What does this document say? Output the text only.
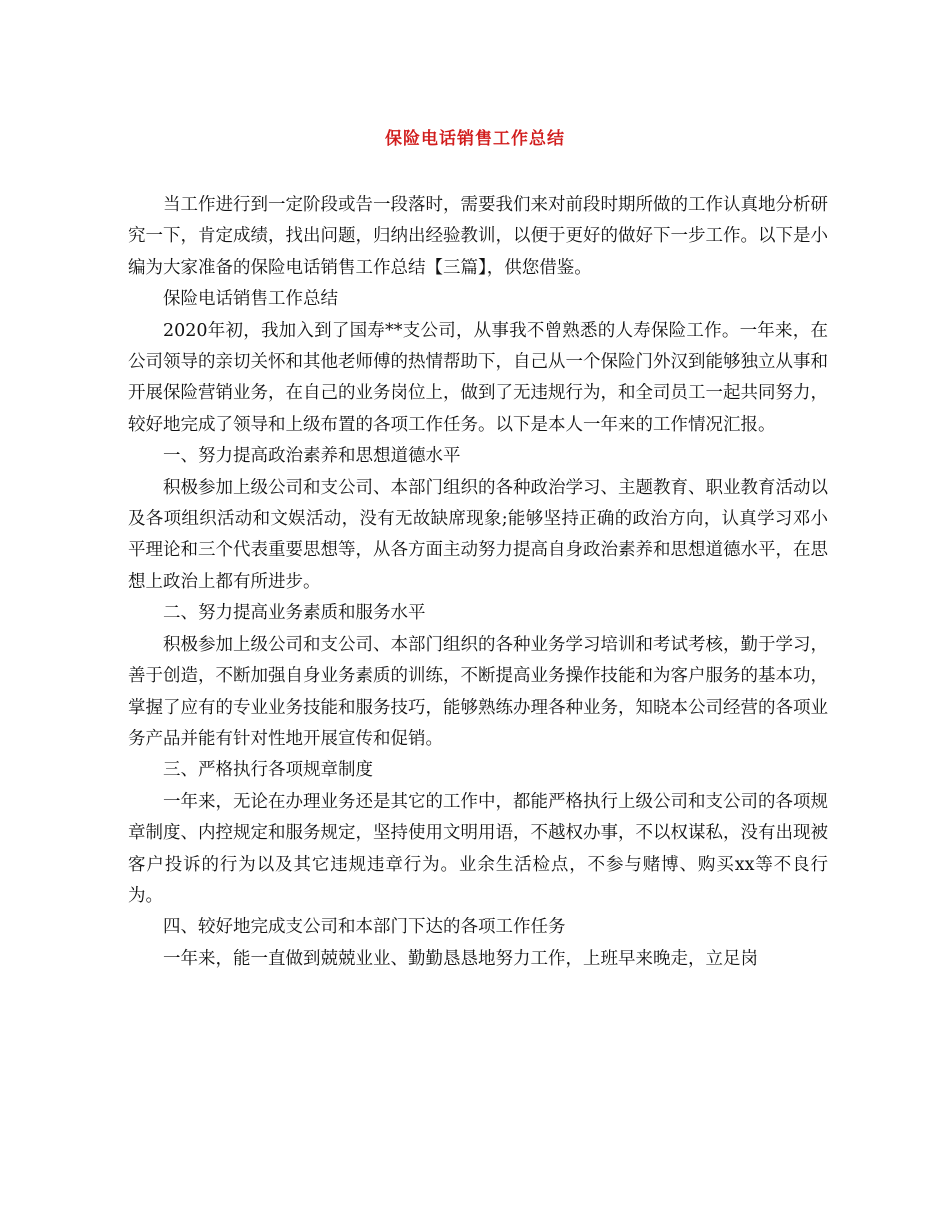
保险电话销售工作总结

当工作进行到一定阶段或告一段落时，需要我们来对前段时期所做的工作认真地分析研究一下，肯定成绩，找出问题，归纳出经验教训，以便于更好的做好下一步工作。以下是小编为大家准备的保险电话销售工作总结【三篇】，供您借鉴。

保险电话销售工作总结

2020年初，我加入到了国寿**支公司，从事我不曾熟悉的人寿保险工作。一年来，在公司领导的亲切关怀和其他老师傅的热情帮助下，自己从一个保险门外汉到能够独立从事和开展保险营销业务，在自己的业务岗位上，做到了无违规行为，和全司员工一起共同努力，较好地完成了领导和上级布置的各项工作任务。以下是本人一年来的工作情况汇报。

一、努力提高政治素养和思想道德水平

积极参加上级公司和支公司、本部门组织的各种政治学习、主题教育、职业教育活动以及各项组织活动和文娱活动，没有无故缺席现象;能够坚持正确的政治方向，认真学习邓小平理论和三个代表重要思想等，从各方面主动努力提高自身政治素养和思想道德水平，在思想上政治上都有所进步。

二、努力提高业务素质和服务水平

积极参加上级公司和支公司、本部门组织的各种业务学习培训和考试考核，勤于学习，善于创造，不断加强自身业务素质的训练，不断提高业务操作技能和为客户服务的基本功，掌握了应有的专业业务技能和服务技巧，能够熟练办理各种业务，知晓本公司经营的各项业务产品并能有针对性地开展宣传和促销。

三、严格执行各项规章制度

一年来，无论在办理业务还是其它的工作中，都能严格执行上级公司和支公司的各项规章制度、内控规定和服务规定，坚持使用文明用语，不越权办事，不以权谋私，没有出现被客户投诉的行为以及其它违规违章行为。业余生活检点，不参与赌博、购买xx等不良行为。

四、较好地完成支公司和本部门下达的各项工作任务

一年来，能一直做到兢兢业业、勤勤恳恳地努力工作，上班早来晚走，立足岗
